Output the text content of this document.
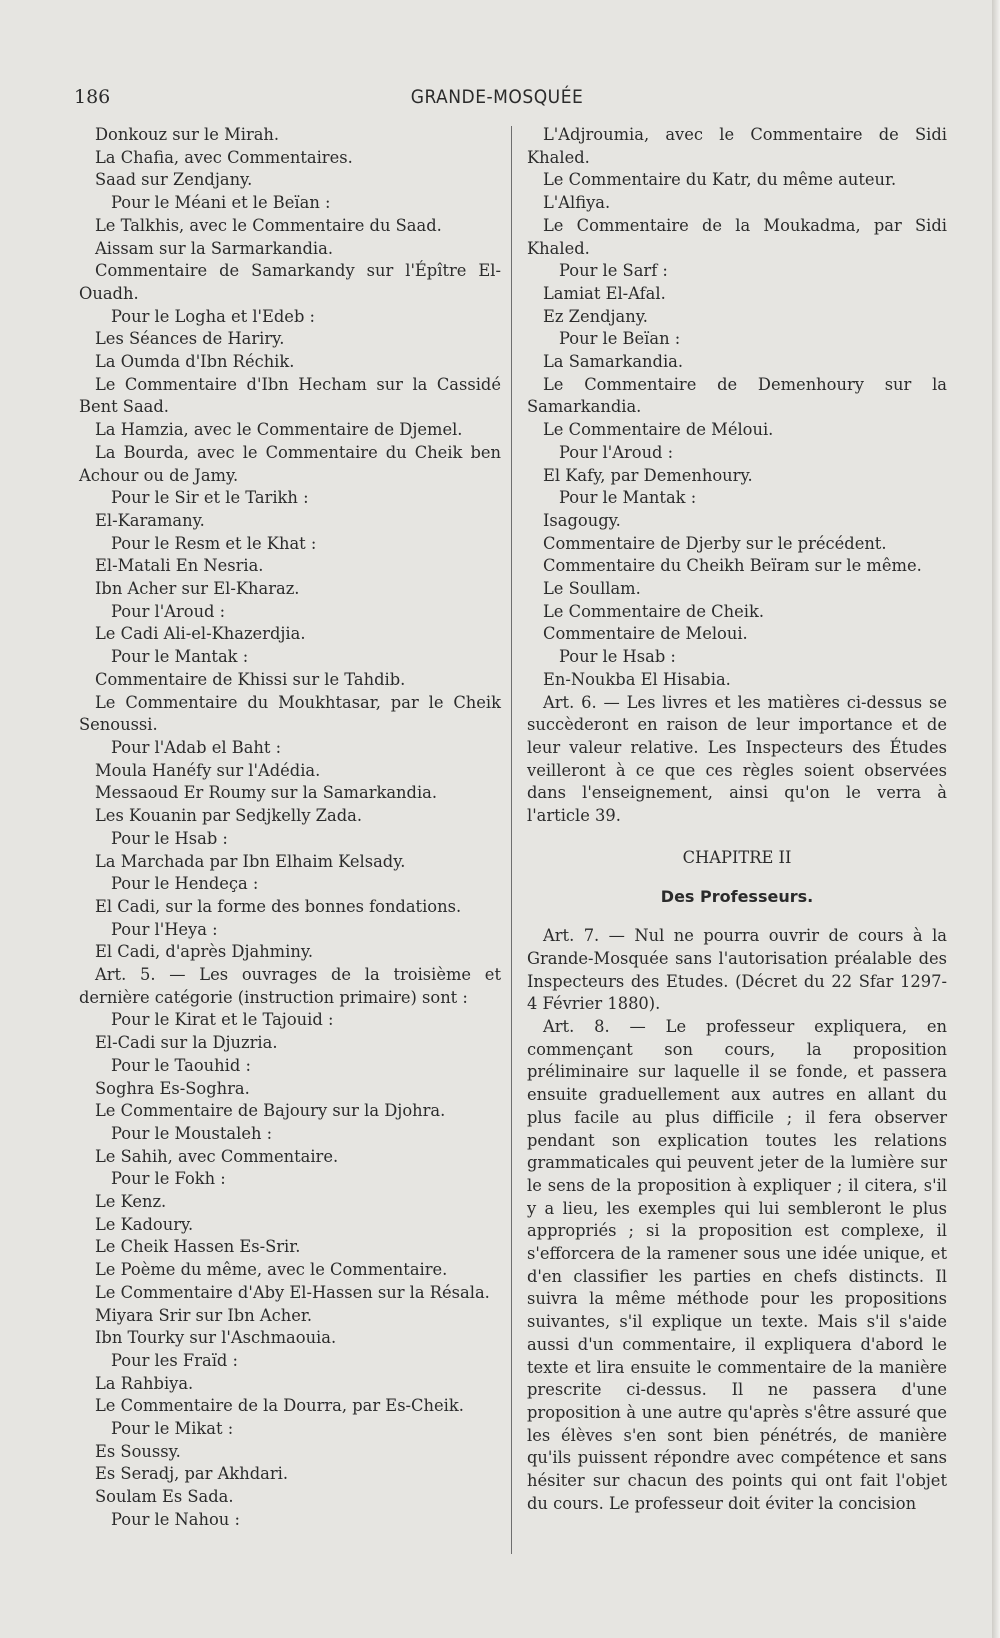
186	GRANDE-MOSQUÉE

Donkouz sur le Mirah.

La Chafia, avec Commentaires.

Saad sur Zendjany.

Pour le Méani et le Beïan :

Le Talkhis, avec le Commentaire du Saad.

Aissam sur la Sarmarkandia.

Commentaire de Samarkandy sur l'Épître El-Ouadh.

Pour le Logha et l'Edeb :

Les Séances de Hariry.

La Oumda d'Ibn Réchik.

Le Commentaire d'Ibn Hecham sur la Cassidé Bent Saad.

La Hamzia, avec le Commentaire de Djemel.

La Bourda, avec le Commentaire du Cheik ben Achour ou de Jamy.

Pour le Sir et le Tarikh :

El-Karamany.

Pour le Resm et le Khat :

El-Matali En Nesria.

Ibn Acher sur El-Kharaz.

Pour l'Aroud :

Le Cadi Ali-el-Khazerdjia.

Pour le Mantak :

Commentaire de Khissi sur le Tahdib.

Le Commentaire du Moukhtasar, par le Cheik Senoussi.

Pour l'Adab el Baht :

Moula Hanéfy sur l'Adédia.

Messaoud Er Roumy sur la Samarkandia.

Les Kouanin par Sedjkelly Zada.

Pour le Hsab :

La Marchada par Ibn Elhaim Kelsady.

Pour le Hendeça :

El Cadi, sur la forme des bonnes fondations.

Pour l'Heya :

El Cadi, d'après Djahminy.

Art. 5. — Les ouvrages de la troisième et dernière catégorie (instruction primaire) sont :

Pour le Kirat et le Tajouid :

El-Cadi sur la Djuzria.

Pour le Taouhid :

Soghra Es-Soghra.

Le Commentaire de Bajoury sur la Djohra.

Pour le Moustaleh :

Le Sahih, avec Commentaire.

Pour le Fokh :

Le Kenz.

Le Kadoury.

Le Cheik Hassen Es-Srir.

Le Poème du même, avec le Commentaire.

Le Commentaire d'Aby El-Hassen sur la Résala.

Miyara Srir sur Ibn Acher.

Ibn Tourky sur l'Aschmaouia.

Pour les Fraïd :

La Rahbiya.

Le Commentaire de la Dourra, par Es-Cheik.

Pour le Mikat :

Es Soussy.

Es Seradj, par Akhdari.

Soulam Es Sada.

Pour le Nahou :

L'Adjroumia, avec le Commentaire de Sidi Khaled.

Le Commentaire du Katr, du même auteur.

L'Alfiya.

Le Commentaire de la Moukadma, par Sidi Khaled.

Pour le Sarf :

Lamiat El-Afal.

Ez Zendjany.

Pour le Beïan :

La Samarkandia.

Le Commentaire de Demenhoury sur la Samarkandia.

Le Commentaire de Méloui.

Pour l'Aroud :

El Kafy, par Demenhoury.

Pour le Mantak :

Isagougy.

Commentaire de Djerby sur le précédent.

Commentaire du Cheikh Beïram sur le même.

Le Soullam.

Le Commentaire de Cheik.

Commentaire de Meloui.

Pour le Hsab :

En-Noukba El Hisabia.

Art. 6. — Les livres et les matières ci-dessus se succèderont en raison de leur importance et de leur valeur relative. Les Inspecteurs des Études veilleront à ce que ces règles soient observées dans l'enseignement, ainsi qu'on le verra à l'article 39.

CHAPITRE II

Des Professeurs.

Art. 7. — Nul ne pourra ouvrir de cours à la Grande-Mosquée sans l'autorisation préalable des Inspecteurs des Etudes. (Décret du 22 Sfar 1297-4 Février 1880).

Art. 8. — Le professeur expliquera, en commençant son cours, la proposition préliminaire sur laquelle il se fonde, et passera ensuite graduellement aux autres en allant du plus facile au plus difficile ; il fera observer pendant son explication toutes les relations grammaticales qui peuvent jeter de la lumière sur le sens de la proposition à expliquer ; il citera, s'il y a lieu, les exemples qui lui sembleront le plus appropriés ; si la proposition est complexe, il s'efforcera de la ramener sous une idée unique, et d'en classifier les parties en chefs distincts. Il suivra la même méthode pour les propositions suivantes, s'il explique un texte. Mais s'il s'aide aussi d'un commentaire, il expliquera d'abord le texte et lira ensuite le commentaire de la manière prescrite ci-dessus. Il ne passera d'une proposition à une autre qu'après s'être assuré que les élèves s'en sont bien pénétrés, de manière qu'ils puissent répondre avec compétence et sans hésiter sur chacun des points qui ont fait l'objet du cours. Le professeur doit éviter la concision
